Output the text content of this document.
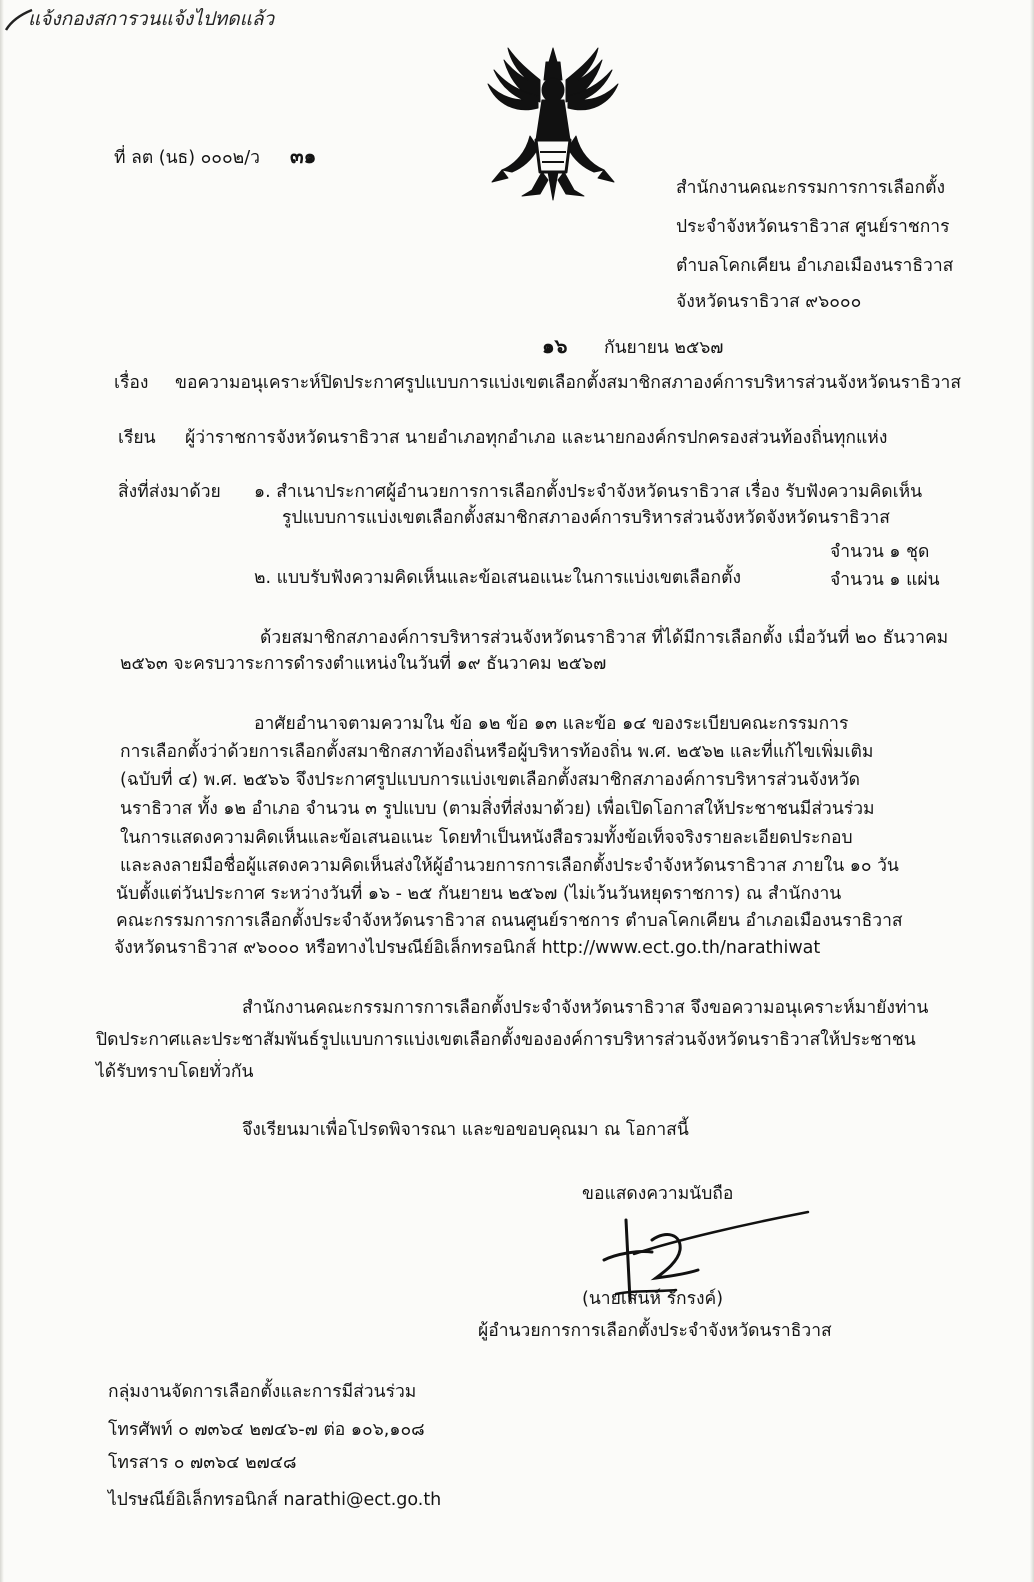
แจ้งกองสการวนแจ้งไปทดแล้ว
ที่ ลต (นธ) ๐๐๐๒/ว ๓๑
สำนักงานคณะกรรมการการเลือกตั้ง
ประจำจังหวัดนราธิวาส ศูนย์ราชการ
ตำบลโคกเคียน อำเภอเมืองนราธิวาส
จังหวัดนราธิวาส ๙๖๐๐๐
๑๖ กันยายน ๒๕๖๗
เรื่อง ขอความอนุเคราะห์ปิดประกาศรูปแบบการแบ่งเขตเลือกตั้งสมาชิกสภาองค์การบริหารส่วนจังหวัดนราธิวาส
เรียน ผู้ว่าราชการจังหวัดนราธิวาส นายอำเภอทุกอำเภอ และนายกองค์กรปกครองส่วนท้องถิ่นทุกแห่ง
สิ่งที่ส่งมาด้วย ๑. สำเนาประกาศผู้อำนวยการการเลือกตั้งประจำจังหวัดนราธิวาส เรื่อง รับฟังความคิดเห็น
รูปแบบการแบ่งเขตเลือกตั้งสมาชิกสภาองค์การบริหารส่วนจังหวัดจังหวัดนราธิวาส
จำนวน ๑ ชุด
๒. แบบรับฟังความคิดเห็นและข้อเสนอแนะในการแบ่งเขตเลือกตั้ง	จำนวน ๑ แผ่น
ด้วยสมาชิกสภาองค์การบริหารส่วนจังหวัดนราธิวาส ที่ได้มีการเลือกตั้ง เมื่อวันที่ ๒๐ ธันวาคม
๒๕๖๓ จะครบวาระการดำรงตำแหน่งในวันที่ ๑๙ ธันวาคม ๒๕๖๗
อาศัยอำนาจตามความใน ข้อ ๑๒ ข้อ ๑๓ และข้อ ๑๔ ของระเบียบคณะกรรมการ
การเลือกตั้งว่าด้วยการเลือกตั้งสมาชิกสภาท้องถิ่นหรือผู้บริหารท้องถิ่น พ.ศ. ๒๕๖๒ และที่แก้ไขเพิ่มเติม
(ฉบับที่ ๔) พ.ศ. ๒๕๖๖ จึงประกาศรูปแบบการแบ่งเขตเลือกตั้งสมาชิกสภาองค์การบริหารส่วนจังหวัด
นราธิวาส ทั้ง ๑๒ อำเภอ จำนวน ๓ รูปแบบ (ตามสิ่งที่ส่งมาด้วย) เพื่อเปิดโอกาสให้ประชาชนมีส่วนร่วม
ในการแสดงความคิดเห็นและข้อเสนอแนะ โดยทำเป็นหนังสือรวมทั้งข้อเท็จจริงรายละเอียดประกอบ
และลงลายมือชื่อผู้แสดงความคิดเห็นส่งให้ผู้อำนวยการการเลือกตั้งประจำจังหวัดนราธิวาส ภายใน ๑๐ วัน
นับตั้งแต่วันประกาศ ระหว่างวันที่ ๑๖ - ๒๕ กันยายน ๒๕๖๗ (ไม่เว้นวันหยุดราชการ) ณ สำนักงาน
คณะกรรมการการเลือกตั้งประจำจังหวัดนราธิวาส ถนนศูนย์ราชการ ตำบลโคกเคียน อำเภอเมืองนราธิวาส
จังหวัดนราธิวาส ๙๖๐๐๐ หรือทางไปรษณีย์อิเล็กทรอนิกส์ http://www.ect.go.th/narathiwat
สำนักงานคณะกรรมการการเลือกตั้งประจำจังหวัดนราธิวาส จึงขอความอนุเคราะห์มายังท่าน
ปิดประกาศและประชาสัมพันธ์รูปแบบการแบ่งเขตเลือกตั้งขององค์การบริหารส่วนจังหวัดนราธิวาสให้ประชาชน
ได้รับทราบโดยทั่วกัน
จึงเรียนมาเพื่อโปรดพิจารณา และขอขอบคุณมา ณ โอกาสนี้
ขอแสดงความนับถือ
(นายเสน่ห์ รักรงค์)
ผู้อำนวยการการเลือกตั้งประจำจังหวัดนราธิวาส
กลุ่มงานจัดการเลือกตั้งและการมีส่วนร่วม
โทรศัพท์ ๐ ๗๓๖๔ ๒๗๔๖-๗ ต่อ ๑๐๖,๑๐๘
โทรสาร ๐ ๗๓๖๔ ๒๗๔๘
ไปรษณีย์อิเล็กทรอนิกส์ narathi@ect.go.th
